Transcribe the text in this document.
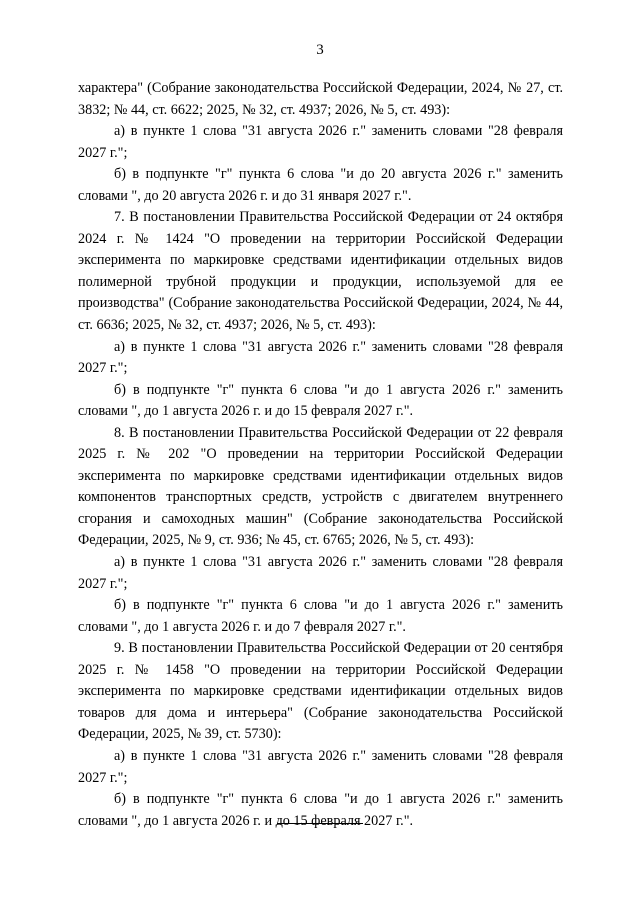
3

характера" (Собрание законодательства Российской Федерации, 2024, № 27, ст. 3832; № 44, ст. 6622; 2025, № 32, ст. 4937; 2026, № 5, ст. 493):

а) в пункте 1 слова "31 августа 2026 г." заменить словами "28 февраля 2027 г.";

б) в подпункте "г" пункта 6 слова "и до 20 августа 2026 г." заменить словами ", до 20 августа 2026 г. и до 31 января 2027 г.".

7. В постановлении Правительства Российской Федерации от 24 октября 2024 г. № 1424 "О проведении на территории Российской Федерации эксперимента по маркировке средствами идентификации отдельных видов полимерной трубной продукции и продукции, используемой для ее производства" (Собрание законодательства Российской Федерации, 2024, № 44, ст. 6636; 2025, № 32, ст. 4937; 2026, № 5, ст. 493):

а) в пункте 1 слова "31 августа 2026 г." заменить словами "28 февраля 2027 г.";

б) в подпункте "г" пункта 6 слова "и до 1 августа 2026 г." заменить словами ", до 1 августа 2026 г. и до 15 февраля 2027 г.".

8. В постановлении Правительства Российской Федерации от 22 февраля 2025 г. № 202 "О проведении на территории Российской Федерации эксперимента по маркировке средствами идентификации отдельных видов компонентов транспортных средств, устройств с двигателем внутреннего сгорания и самоходных машин" (Собрание законодательства Российской Федерации, 2025, № 9, ст. 936; № 45, ст. 6765; 2026, № 5, ст. 493):

а) в пункте 1 слова "31 августа 2026 г." заменить словами "28 февраля 2027 г.";

б) в подпункте "г" пункта 6 слова "и до 1 августа 2026 г." заменить словами ", до 1 августа 2026 г. и до 7 февраля 2027 г.".

9. В постановлении Правительства Российской Федерации от 20 сентября 2025 г. № 1458 "О проведении на территории Российской Федерации эксперимента по маркировке средствами идентификации отдельных видов товаров для дома и интерьера" (Собрание законодательства Российской Федерации, 2025, № 39, ст. 5730):

а) в пункте 1 слова "31 августа 2026 г." заменить словами "28 февраля 2027 г.";

б) в подпункте "г" пункта 6 слова "и до 1 августа 2026 г." заменить словами ", до 1 августа 2026 г. и до 15 февраля 2027 г.".
